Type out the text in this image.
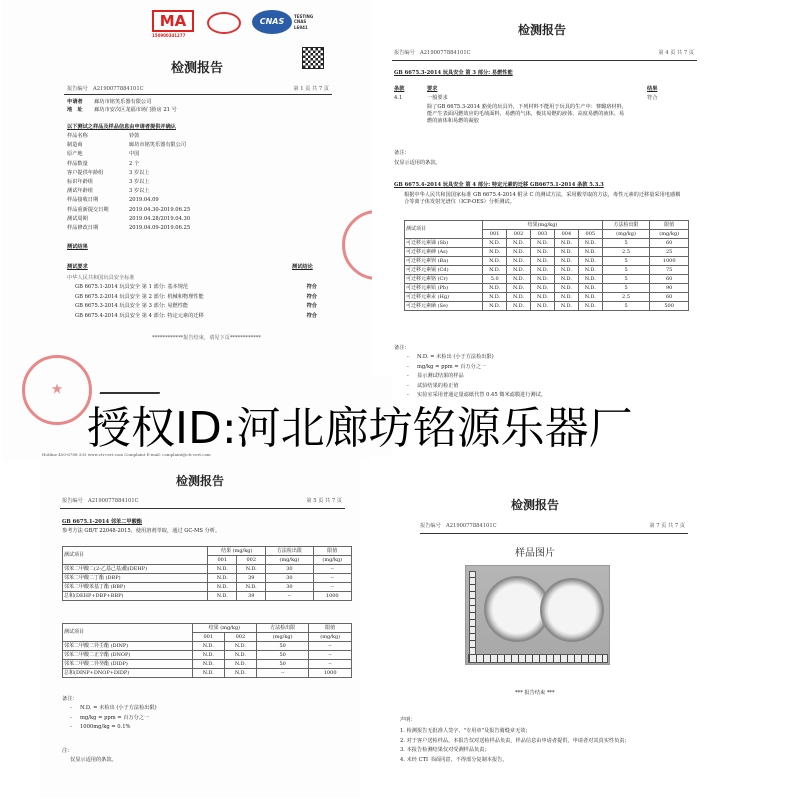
MA
150900341277
CNAS
TESTING CNAS L6941
检测报告
报告编号　 A2190077884101C	第 1 页 共 7 页
申请者 廊坊市铭笑乐器有限公司
地　址 廊坊市安次区龙福市场门脸房 21 号
以下测试之样品及样品信息由申请者提供并确认
样品名称	铃鼓
制造商	廊坊市铭笑乐器有限公司
原产地	中国
样品数量	2 个
客户提供年龄组	3 岁以上
标识年龄组	3 岁以上
测试年龄组	3 岁以上
样品接收日期	2019.04.09
样品重新提交日期	2019.04.30-2019.06.25
测试周期	2019.04.28/2019.04.30
样品修改日期	2019.04.09-2019.06.25
测试结果
测试要求	测试结论
中华人民共和国玩具安全标准
GB 6675.1-2014 玩具安全 第 1 部分: 基本规范	符合
GB 6675.2-2014 玩具安全 第 2 部分: 机械和物理性能	符合
GB 6675.3-2014 玩具安全 第 3 部分: 易燃性能	符合
GB 6675.4-2014 玩具安全 第 4 部分: 特定元素的迁移	符合
************报告结束，请见下页************
★
★
Hotline 400-6788-333 www.cti-cert.com Complaint E-mail: complaint@cti-cert.com
检测报告
报告编号　 A2190077884101C	第 4 页 共 7 页
GB 6675.3-2014 玩具安全 第 3 部分: 易燃性能
条款	要求	结果
4.1	一般要求	符合
除了GB 6675.3-2014 豁免的玩具外，下列材料不能用于玩具的生产中：赛璐珞材料，能产生表面闪燃效应的毛绒面料，易燃的气体，极其易燃的液体、高度易燃的液体、易燃的液体和易燃的凝胶
备注：
仅显示适用的条款。
GB 6675.4-2014 玩具安全 第 4 部分: 特定元素的迁移 GB6675.1-2014 条款 5.3.3
根据中华人民共和国国家标准 GB 6675.4-2014 附录 C 的测试方法，采用酸萃取的方法，毒性元素的迁移量采用电感耦合等离子体发射光谱仪（ICP-OES）分析测试。
测试项目	结果(mg/kg)					方法检出限	限值
	001	002	003	004	005	(mg/kg)	(mg/kg)
可迁移元素锑 (Sb)	N.D.	N.D.	N.D.	N.D.	N.D.	5	60
可迁移元素砷 (As)	N.D.	N.D.	N.D.	N.D.	N.D.	2.5	25
可迁移元素钡 (Ba)	N.D.	N.D.	N.D.	N.D.	N.D.	5	1000
可迁移元素镉 (Cd)	N.D.	N.D.	N.D.	N.D.	N.D.	5	75
可迁移元素铬 (Cr)	5.0	N.D.	N.D.	N.D.	N.D.	5	60
可迁移元素铅 (Pb)	N.D.	N.D.	N.D.	N.D.	N.D.	5	90
可迁移元素汞 (Hg)	N.D.	N.D.	N.D.	N.D.	N.D.	2.5	60
可迁移元素硒 (Se)	N.D.	N.D.	N.D.	N.D.	N.D.	5	500
备注：
- N.D. = 未检出 (小于方法检出限)
- mg/kg = ppm = 百万分之一
- 显示测试结果的样品
- 试验结果的检正值
- 实验室采用普通定量滤纸代替 0.45 微米滤膜进行测试。
检测报告
报告编号　 A2190077884101C	第 5 页 共 7 页
GB 6675.1-2014 邻苯二甲酸酯
参考方法 GB/T 22048-2015，使用溶剂萃取，通过 GC-MS 分析。
测试项目	结果 (mg/kg)		方法检出限	限值
	001	002	(mg/kg)	(mg/kg)
邻苯二甲酸二(2-乙基己基)酯(DEHP)	N.D.	N.D.	30	--
邻苯二甲酸二丁酯 (DBP)	N.D.	39	30	--
邻苯二甲酸苯基丁酯 (BBP)	N.D.	N.D.	30	--
总和(DEHP+DBP+BBP)	N.D.	39	--	1000
测试项目	结果 (mg/kg)		方法检出限	限值
	001	002	(mg/kg)	(mg/kg)
邻苯二甲酸二异壬酯 (DINP)	N.D.	N.D.	50	--
邻苯二甲酸二正辛酯 (DNOP)	N.D.	N.D.	50	--
邻苯二甲酸二异癸酯 (DIDP)	N.D.	N.D.	50	--
总和(DINP+DNOP+DIDP)	N.D.	N.D.	--	1000
备注：
- N.D. = 未检出 (小于方法检出限)
- mg/kg = ppm = 百万分之一
- 1000mg/kg = 0.1%
注：
仅显示适用的条款。
检测报告
报告编号　 A2190077884101C	第 7 页 共 7 页
样品图片
*** 报告结束 ***
声明：
1. 检测报告无批准人签字、"专用章"及报告骑缝章无效；
2. 对于客户送检样品，本报告仅对送检样品负责，样品信息由申请者提供，申请者对其真实性负责；
3. 本报告检测结果仅对受测样品负责；
4. 未经 CTI 书面同意，不得部分复制本报告。
授权ID:河北廊坊铭源乐器厂
